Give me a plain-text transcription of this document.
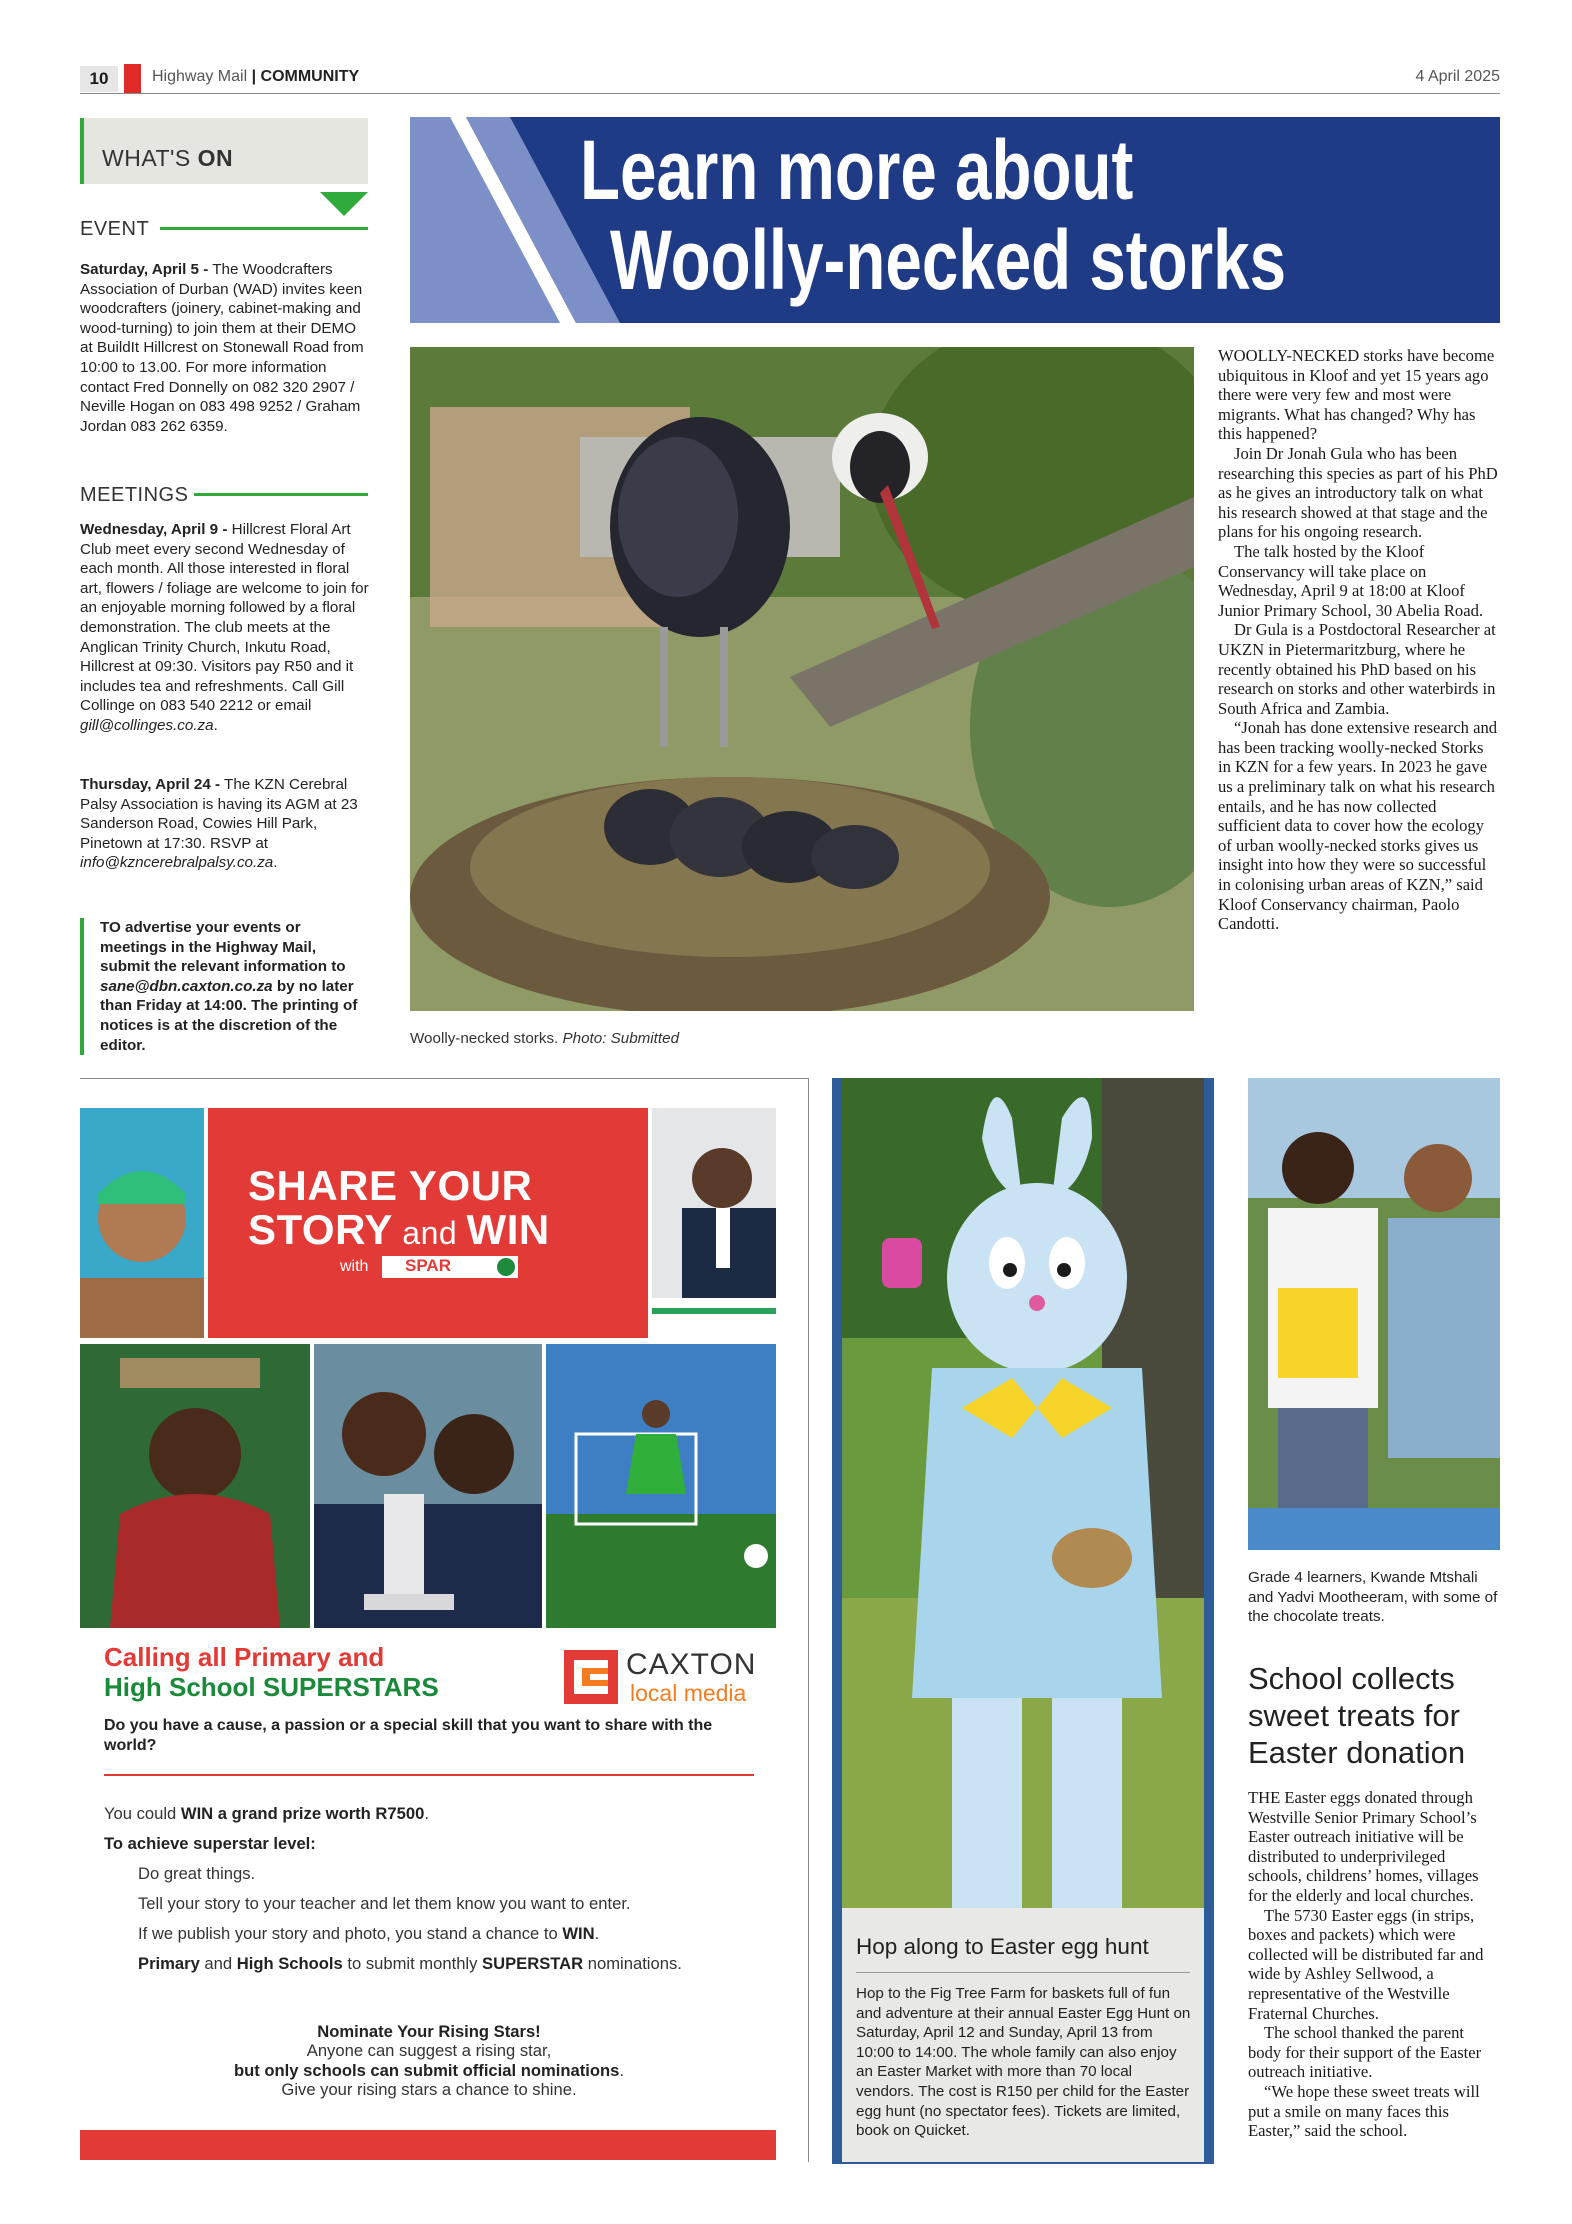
10	Highway Mail | COMMUNITY	4 April 2025
WHAT'S ON
EVENT
Saturday, April 5 - The Woodcrafters Association of Durban (WAD) invites keen woodcrafters (joinery, cabinet-making and wood-turning) to join them at their DEMO at BuildIt Hillcrest on Stonewall Road from 10:00 to 13.00. For more information contact Fred Donnelly on 082 320 2907 / Neville Hogan on 083 498 9252 / Graham Jordan 083 262 6359.
MEETINGS
Wednesday, April 9 - Hillcrest Floral Art Club meet every second Wednesday of each month. All those interested in floral art, flowers / foliage are welcome to join for an enjoyable morning followed by a floral demonstration. The club meets at the Anglican Trinity Church, Inkutu Road, Hillcrest at 09:30. Visitors pay R50 and it includes tea and refreshments. Call Gill Collinge on 083 540 2212 or email gill@collinges.co.za.
Thursday, April 24 - The KZN Cerebral Palsy Association is having its AGM at 23 Sanderson Road, Cowies Hill Park, Pinetown at 17:30. RSVP at info@kzncerebralpalsy.co.za.
TO advertise your events or meetings in the Highway Mail, submit the relevant information to sane@dbn.caxton.co.za by no later than Friday at 14:00. The printing of notices is at the discretion of the editor.
Learn more about
Woolly-necked storks
Woolly-necked storks. Photo: Submitted

WOOLLY-NECKED storks have become ubiquitous in Kloof and yet 15 years ago there were very few and most were migrants. What has changed? Why has this happened?

Join Dr Jonah Gula who has been researching this species as part of his PhD as he gives an introductory talk on what his research showed at that stage and the plans for his ongoing research.

The talk hosted by the Kloof Conservancy will take place on Wednesday, April 9 at 18:00 at Kloof Junior Primary School, 30 Abelia Road.

Dr Gula is a Postdoctoral Researcher at UKZN in Pietermaritzburg, where he recently obtained his PhD based on his research on storks and other waterbirds in South Africa and Zambia.

“Jonah has done extensive research and has been tracking woolly-necked Storks in KZN for a few years. In 2023 he gave us a preliminary talk on what his research entails, and he has now collected sufficient data to cover how the ecology of urban woolly-necked storks gives us insight into how they were so successful in colonising urban areas of KZN,” said Kloof Conservancy chairman, Paolo Candotti.

SHARE YOUR
STORY and WIN
with SPAR
Calling all Primary and
High School SUPERSTARS
CAXTON
local media
Do you have a cause, a passion or a special skill that you want to share with the world?
You could WIN a grand prize worth R7500.
To achieve superstar level:
Do great things.
Tell your story to your teacher and let them know you want to enter.
If we publish your story and photo, you stand a chance to WIN.
Primary and High Schools to submit monthly SUPERSTAR nominations.
Nominate Your Rising Stars!
Anyone can suggest a rising star,
but only schools can submit official nominations.
Give your rising stars a chance to shine.
Hop along to Easter egg hunt
Hop to the Fig Tree Farm for baskets full of fun and adventure at their annual Easter Egg Hunt on Saturday, April 12 and Sunday, April 13 from 10:00 to 14:00. The whole family can also enjoy an Easter Market with more than 70 local vendors. The cost is R150 per child for the Easter egg hunt (no spectator fees). Tickets are limited, book on Quicket.
Grade 4 learners, Kwande Mtshali and Yadvi Mootheeram, with some of the chocolate treats.
School collects sweet treats for Easter donation

THE Easter eggs donated through Westville Senior Primary School’s Easter outreach initiative will be distributed to underprivileged schools, childrens’ homes, villages for the elderly and local churches.

The 5730 Easter eggs (in strips, boxes and packets) which were collected will be distributed far and wide by Ashley Sellwood, a representative of the Westville Fraternal Churches.

The school thanked the parent body for their support of the Easter outreach initiative.

“We hope these sweet treats will put a smile on many faces this Easter,” said the school.
